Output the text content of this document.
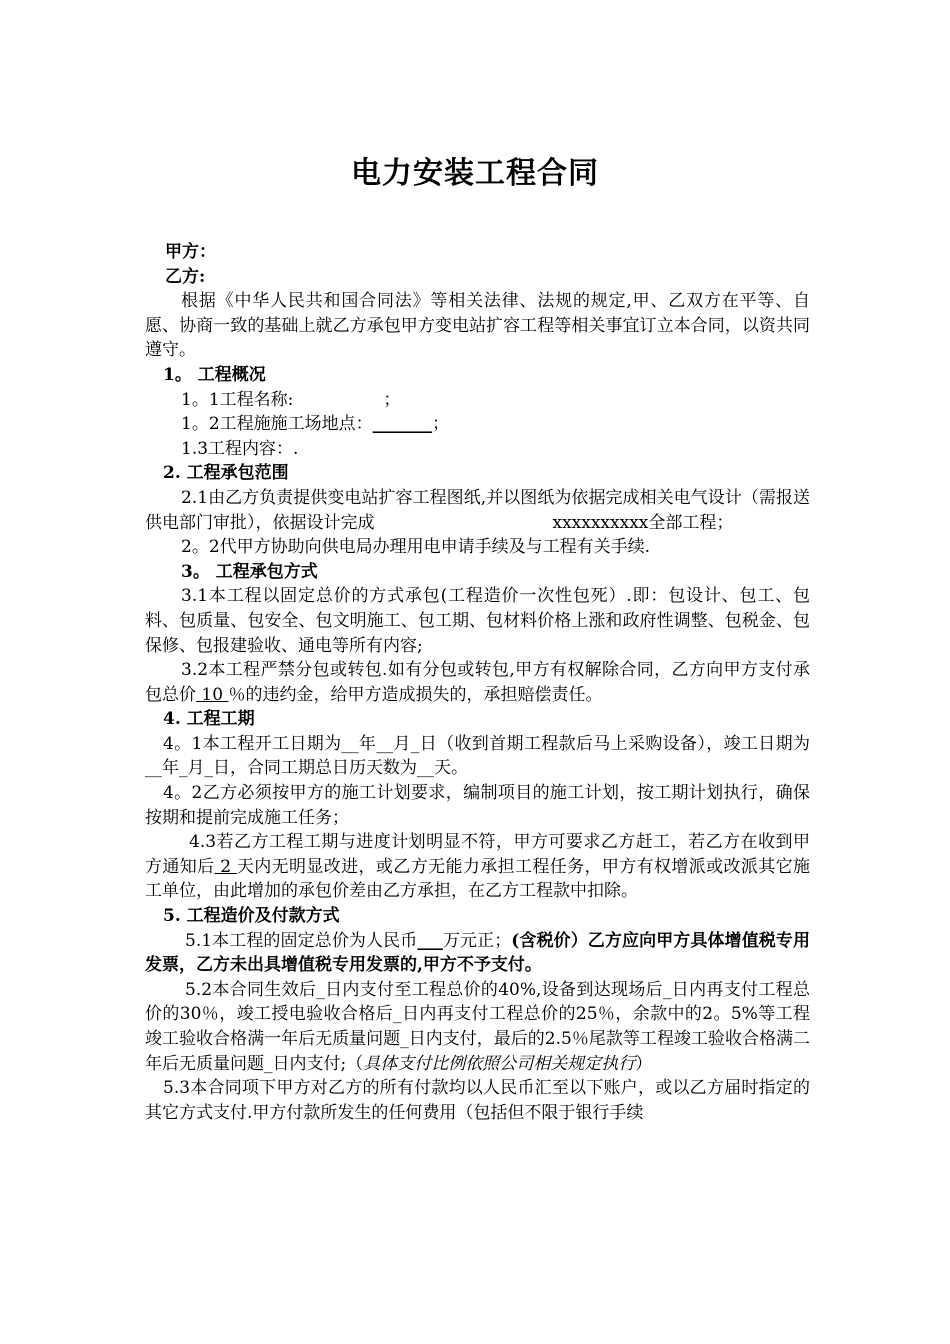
电力安装工程合同

甲方：

乙方:

根据《中华人民共和国合同法》等相关法律、法规的规定,甲、乙双方在平等、自愿、协商一致的基础上就乙方承包甲方变电站扩容工程等相关事宜订立本合同，以资共同遵守。

1。 工程概况

1。1工程名称:	；

1。2工程施施工场地点：_______；

1.3工程内容：.

2. 工程承包范围

2.1由乙方负责提供变电站扩容工程图纸,并以图纸为依据完成相关电气设计（需报送供电部门审批），依据设计完成	xxxxxxxxxx全部工程；

2。2代甲方协助向供电局办理用电申请手续及与工程有关手续.

3。 工程承包方式

3.1本工程以固定总价的方式承包(工程造价一次性包死）.即：包设计、包工、包料、包质量、包安全、包文明施工、包工期、包材料价格上涨和政府性调整、包税金、包保修、包报建验收、通电等所有内容;

3.2本工程严禁分包或转包.如有分包或转包,甲方有权解除合同，乙方向甲方支付承包总价 10 ％的违约金，给甲方造成损失的，承担赔偿责任。

4. 工程工期

4。1本工程开工日期为__年__月_日（收到首期工程款后马上采购设备），竣工日期为__年_月_日，合同工期总日历天数为__天。

4。2乙方必须按甲方的施工计划要求，编制项目的施工计划，按工期计划执行，确保按期和提前完成施工任务；

4.3若乙方工程工期与进度计划明显不符，甲方可要求乙方赶工，若乙方在收到甲方通知后 2 天内无明显改进，或乙方无能力承担工程任务，甲方有权增派或改派其它施工单位，由此增加的承包价差由乙方承担，在乙方工程款中扣除。

5. 工程造价及付款方式

5.1本工程的固定总价为人民币___万元正；(含税价）乙方应向甲方具体增值税专用发票，乙方未出具增值税专用发票的,甲方不予支付。

5.2本合同生效后_日内支付至工程总价的40%,设备到达现场后_日内再支付工程总价的30％，竣工授电验收合格后_日内再支付工程总价的25％，余款中的2。5%等工程竣工验收合格满一年后无质量问题_日内支付，最后的2.5％尾款等工程竣工验收合格满二年后无质量问题_日内支付;（具体支付比例依照公司相关规定执行）

5.3本合同项下甲方对乙方的所有付款均以人民币汇至以下账户，或以乙方届时指定的其它方式支付.甲方付款所发生的任何费用（包括但不限于银行手续
